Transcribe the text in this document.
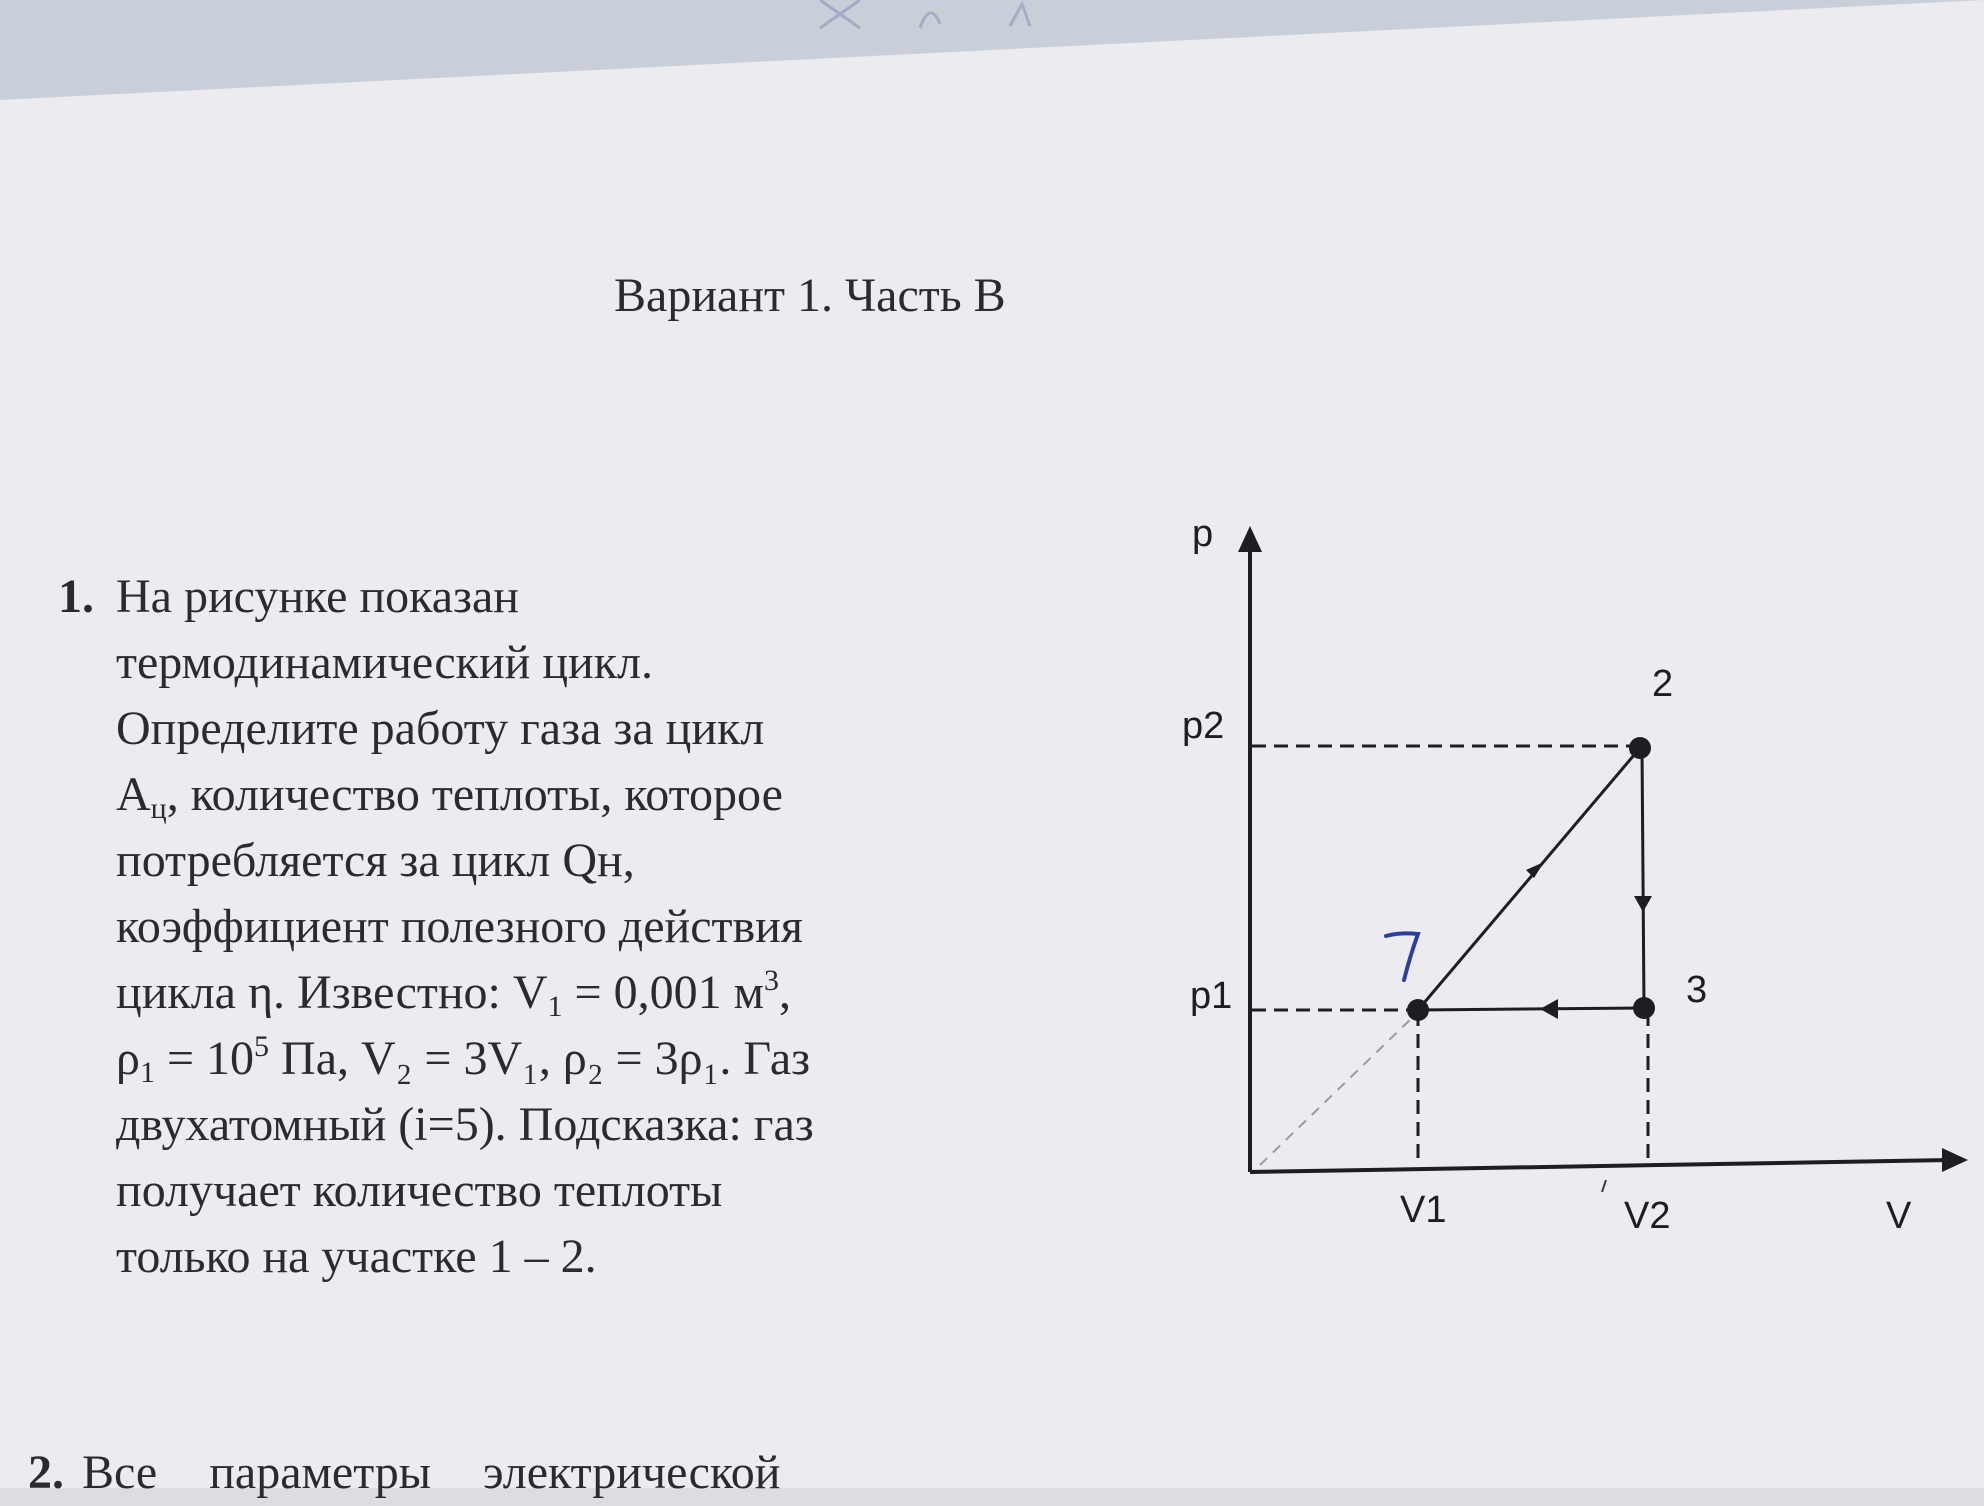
Вариант 1. Часть В
1. На рисунке показан
термодинамический цикл.
Определите работу газа за цикл
$A_ц$, количество теплоты, которое
потребляется за цикл Qн,
коэффициент полезного действия
цикла η. Известно: $V_1 = 0,001$ $м^3$,
$\rho_1 = 10^5$ Па, V₂ = 3V₁, ρ₂ = 3ρ₁. Газ
двухатомный (i=5). Подсказка: газ
получает количество теплоты
только на участке 1 – 2.
2. Все параметры электрической
p
V
p2
p1
V1	V2
2
3
1
